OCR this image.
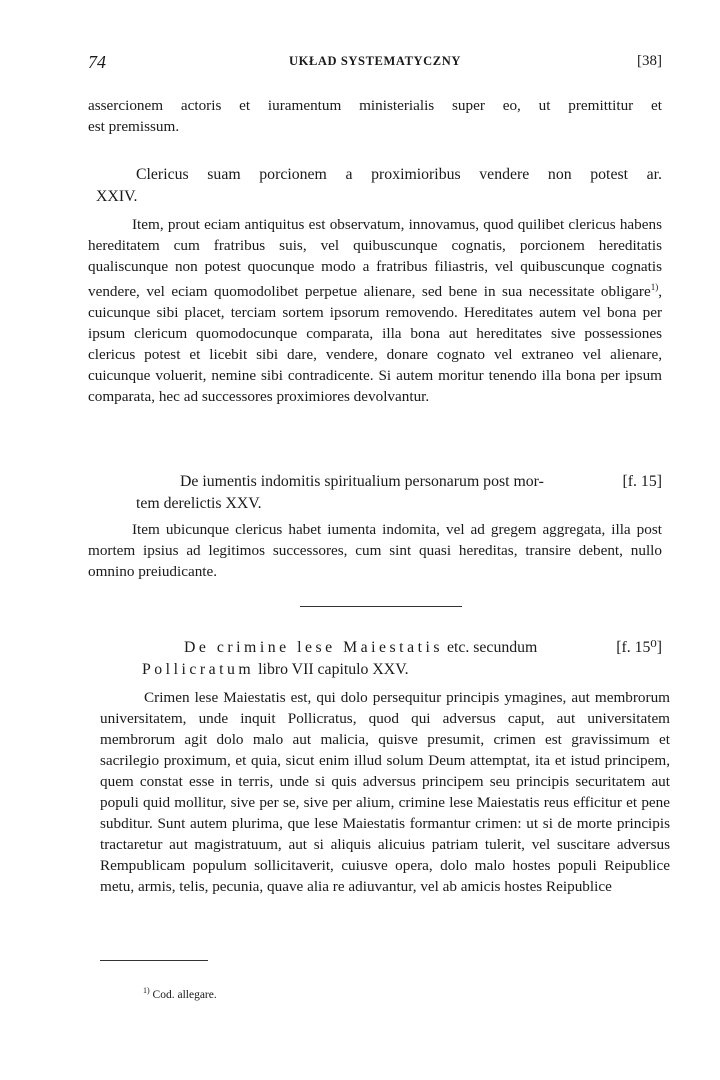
74	UKŁAD SYSTEMATYCZNY	[38]

assercionem actoris et iuramentum ministerialis super eo, ut premittitur et

est premissum.

Clericus suam porcionem a proximioribus vendere non potest ar.
XXIV.

Item, prout eciam antiquitus est observatum, innovamus, quod quilibet clericus habens hereditatem cum fratribus suis, vel quibuscunque cognatis, porcionem hereditatis qualiscunque non potest quocunque modo a fratribus filiastris, vel quibuscunque cognatis vendere, vel eciam quomodolibet perpetue alienare, sed bene in sua necessitate obligare$^{1)}$, cuicunque sibi placet, terciam sortem ipsorum removendo. Hereditates autem vel bona per ipsum clericum quomodocunque comparata, illa bona aut hereditates sive possessiones clericus potest et licebit sibi dare, vendere, donare cognato vel extraneo vel alienare, cuicunque voluerit, nemine sibi contradicente. Si autem moritur tenendo illa bona per ipsum comparata, hec ad successores proximiores devolvantur.

De iumentis indomitis spiritualium personarum post mor-	[f. 15]
tem derelictis XXV.

Item ubicunque clericus habet iumenta indomita, vel ad gregem aggregata, illa post mortem ipsius ad legitimos successores, cum sint quasi hereditas, transire debent, nullo omnino preiudicante.

De crimine lese Maiestatis etc. secundum	[f. 15⁰]
Pollicratum libro VII capitulo XXV.

Crimen lese Maiestatis est, qui dolo persequitur principis ymagines, aut membrorum universitatem, unde inquit Pollicratus, quod qui adversus caput, aut universitatem membrorum agit dolo malo aut malicia, quisve presumit, crimen est gravissimum et sacrilegio proximum, et quia, sicut enim illud solum Deum attemptat, ita et istud principem, quem constat esse in terris, unde si quis adversus principem seu principis securitatem aut populi quid mollitur, sive per se, sive per alium, crimine lese Maiestatis reus efficitur et pene subditur. Sunt autem plurima, que lese Maiestatis formantur crimen: ut si de morte principis tractaretur aut magistratuum, aut si aliquis alicuius patriam tulerit, vel suscitare adversus Rempublicam populum sollicitaverit, cuiusve opera, dolo malo hostes populi Reipublice metu, armis, telis, pecunia, quave alia re adiuvantur, vel ab amicis hostes Reipublice

$^{1)}$ Cod. allegare.
